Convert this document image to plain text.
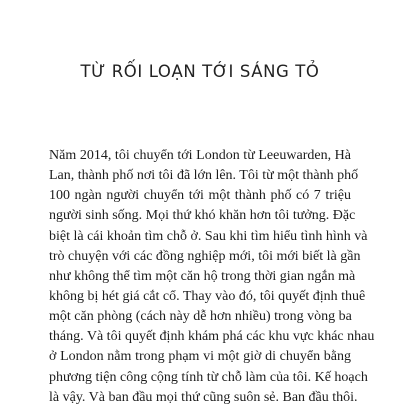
TỪ RỐI LOẠN TỚI SÁNG TỎ
Năm 2014, tôi chuyển tới London từ Leeuwarden, Hà
Lan, thành phố nơi tôi đã lớn lên. Tôi từ một thành phố
100 ngàn người chuyển tới một thành phố có 7 triệu
người sinh sống. Mọi thứ khó khăn hơn tôi tưởng. Đặc
biệt là cái khoản tìm chỗ ở. Sau khi tìm hiểu tình hình và
trò chuyện với các đồng nghiệp mới, tôi mới biết là gần
như không thể tìm một căn hộ trong thời gian ngắn mà
không bị hét giá cắt cổ. Thay vào đó, tôi quyết định thuê
một căn phòng (cách này dễ hơn nhiều) trong vòng ba
tháng. Và tôi quyết định khám phá các khu vực khác nhau
ở London nằm trong phạm vi một giờ di chuyển bằng
phương tiện công cộng tính từ chỗ làm của tôi. Kế hoạch
là vậy. Và ban đầu mọi thứ cũng suôn sẻ. Ban đầu thôi.
